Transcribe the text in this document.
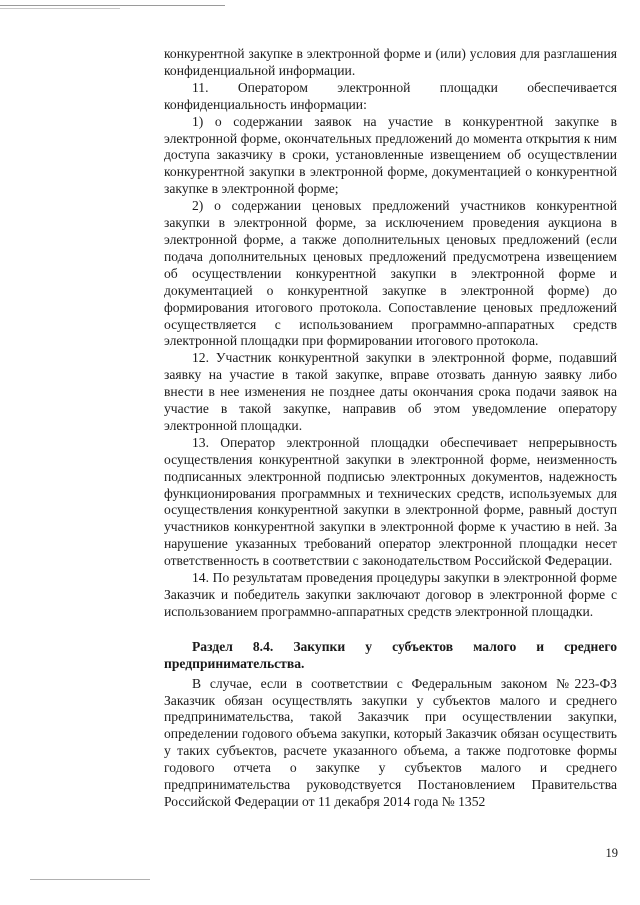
конкурентной закупке в электронной форме и (или) условия для разглашения конфиденциальной информации.

11. Оператором электронной площадки обеспечивается конфиденциальность информации:

1) о содержании заявок на участие в конкурентной закупке в электронной форме, окончательных предложений до момента открытия к ним доступа заказчику в сроки, установленные извещением об осуществлении конкурентной закупки в электронной форме, документацией о конкурентной закупке в электронной форме;

2) о содержании ценовых предложений участников конкурентной закупки в электронной форме, за исключением проведения аукциона в электронной форме, а также дополнительных ценовых предложений (если подача дополнительных ценовых предложений предусмотрена извещением об осуществлении конкурентной закупки в электронной форме и документацией о конкурентной закупке в электронной форме) до формирования итогового протокола. Сопоставление ценовых предложений осуществляется с использованием программно-аппаратных средств электронной площадки при формировании итогового протокола.

12. Участник конкурентной закупки в электронной форме, подавший заявку на участие в такой закупке, вправе отозвать данную заявку либо внести в нее изменения не позднее даты окончания срока подачи заявок на участие в такой закупке, направив об этом уведомление оператору электронной площадки.

13. Оператор электронной площадки обеспечивает непрерывность осуществления конкурентной закупки в электронной форме, неизменность подписанных электронной подписью электронных документов, надежность функционирования программных и технических средств, используемых для осуществления конкурентной закупки в электронной форме, равный доступ участников конкурентной закупки в электронной форме к участию в ней. За нарушение указанных требований оператор электронной площадки несет ответственность в соответствии с законодательством Российской Федерации.

14. По результатам проведения процедуры закупки в электронной форме Заказчик и победитель закупки заключают договор в электронной форме с использованием программно-аппаратных средств электронной площадки.

Раздел 8.4. Закупки у субъектов малого и среднего предпринимательства.

В случае, если в соответствии с Федеральным законом №223-ФЗ Заказчик обязан осуществлять закупки у субъектов малого и среднего предпринимательства, такой Заказчик при осуществлении закупки, определении годового объема закупки, который Заказчик обязан осуществить у таких субъектов, расчете указанного объема, а также подготовке формы годового отчета о закупке у субъектов малого и среднего предпринимательства руководствуется Постановлением Правительства Российской Федерации от 11 декабря 2014 года № 1352

19
